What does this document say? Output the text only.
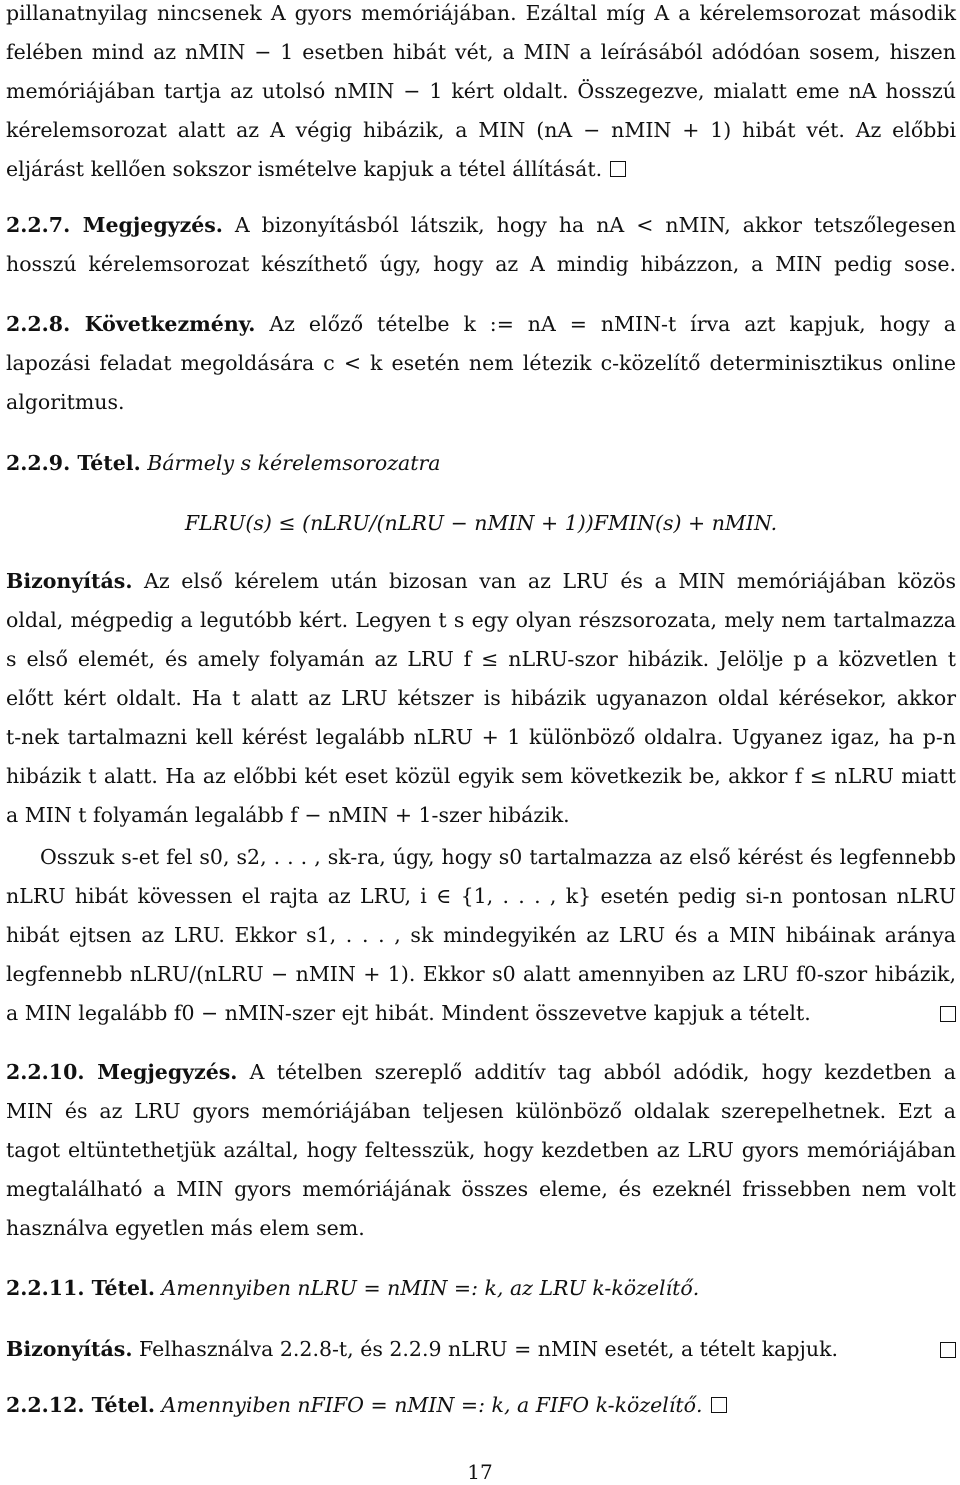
pillanatnyilag nincsenek A gyors memóriájában. Ezáltal míg A a kérelemsorozat második
felében mind az nMIN − 1 esetben hibát vét, a MIN a leírásából adódóan sosem, hiszen
memóriájában tartja az utolsó nMIN − 1 kért oldalt. Összegezve, mialatt eme nA hosszú
kérelemsorozat alatt az A végig hibázik, a MIN (nA − nMIN + 1) hibát vét. Az előbbi
eljárást kellően sokszor ismételve kapjuk a tétel állítását.
2.2.7. Megjegyzés. A bizonyításból látszik, hogy ha nA < nMIN, akkor tetszőlegesen
hosszú kérelemsorozat készíthető úgy, hogy az A mindig hibázzon, a MIN pedig sose.
2.2.8. Következmény. Az előző tételbe k := nA = nMIN-t írva azt kapjuk, hogy a
lapozási feladat megoldására c < k esetén nem létezik c-közelítő determinisztikus online
algoritmus.
2.2.9. Tétel. Bármely s kérelemsorozatra
FLRU(s) ≤ (nLRU/(nLRU − nMIN + 1))FMIN(s) + nMIN.
Bizonyítás. Az első kérelem után bizosan van az LRU és a MIN memóriájában közös
oldal, mégpedig a legutóbb kért. Legyen t s egy olyan részsorozata, mely nem tartalmazza
s első elemét, és amely folyamán az LRU f ≤ nLRU-szor hibázik. Jelölje p a közvetlen t
előtt kért oldalt. Ha t alatt az LRU kétszer is hibázik ugyanazon oldal kérésekor, akkor
t-nek tartalmazni kell kérést legalább nLRU + 1 különböző oldalra. Ugyanez igaz, ha p-n
hibázik t alatt. Ha az előbbi két eset közül egyik sem következik be, akkor f ≤ nLRU miatt
a MIN t folyamán legalább f − nMIN + 1-szer hibázik.
Osszuk s-et fel s0, s2, . . . , sk-ra, úgy, hogy s0 tartalmazza az első kérést és legfennebb
nLRU hibát kövessen el rajta az LRU, i ∈ {1, . . . , k} esetén pedig si-n pontosan nLRU
hibát ejtsen az LRU. Ekkor s1, . . . , sk mindegyikén az LRU és a MIN hibáinak aránya
legfennebb nLRU/(nLRU − nMIN + 1). Ekkor s0 alatt amennyiben az LRU f0-szor hibázik,
a MIN legalább f0 − nMIN-szer ejt hibát. Mindent összevetve kapjuk a tételt.
2.2.10. Megjegyzés. A tételben szereplő additív tag abból adódik, hogy kezdetben a
MIN és az LRU gyors memóriájában teljesen különböző oldalak szerepelhetnek. Ezt a
tagot eltüntethetjük azáltal, hogy feltesszük, hogy kezdetben az LRU gyors memóriájában
megtalálható a MIN gyors memóriájának összes eleme, és ezeknél frissebben nem volt
használva egyetlen más elem sem.
2.2.11. Tétel. Amennyiben nLRU = nMIN =: k, az LRU k-közelítő.
Bizonyítás. Felhasználva 2.2.8-t, és 2.2.9 nLRU = nMIN esetét, a tételt kapjuk.
2.2.12. Tétel. Amennyiben nFIFO = nMIN =: k, a FIFO k-közelítő.
17
